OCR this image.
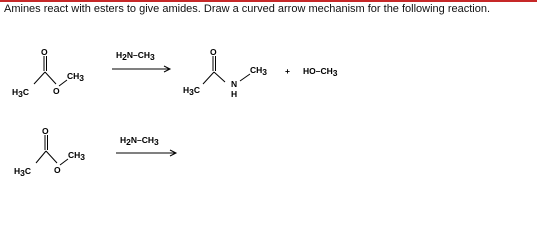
Amines react with esters to give amides. Draw a curved arrow mechanism for the following reaction.
O
H3C	O
CH3
H2N–CH3	O
H3C
N
H
CH3 + HO–CH3
O
H3C	O
CH3
H2N–CH3
